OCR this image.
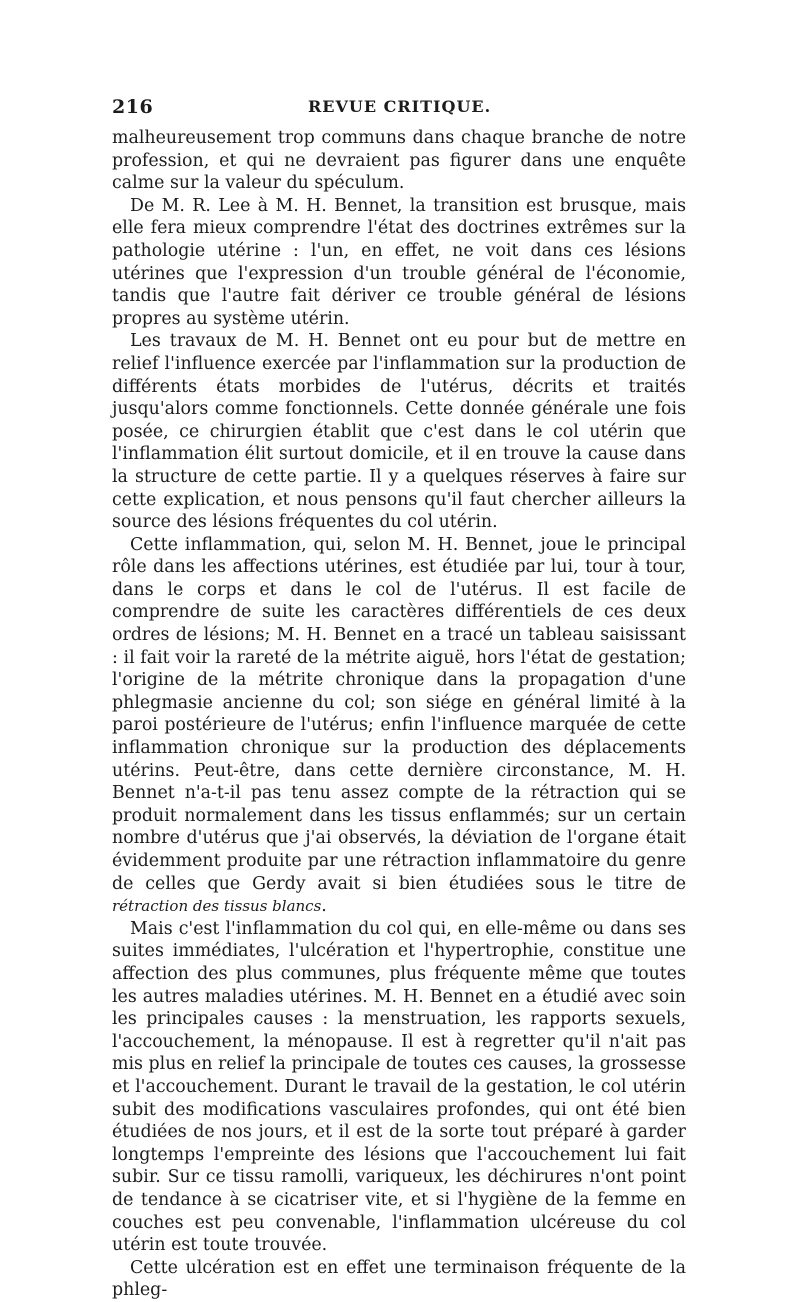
216	REVUE CRITIQUE.

malheureusement trop communs dans chaque branche de notre profession, et qui ne devraient pas figurer dans une enquête calme sur la valeur du spéculum.

De M. R. Lee à M. H. Bennet, la transition est brusque, mais elle fera mieux comprendre l'état des doctrines extrêmes sur la pathologie utérine : l'un, en effet, ne voit dans ces lésions utérines que l'expression d'un trouble général de l'économie, tandis que l'autre fait dériver ce trouble général de lésions propres au système utérin.

Les travaux de M. H. Bennet ont eu pour but de mettre en relief l'influence exercée par l'inflammation sur la production de différents états morbides de l'utérus, décrits et traités jusqu'alors comme fonctionnels. Cette donnée générale une fois posée, ce chirurgien établit que c'est dans le col utérin que l'inflammation élit surtout domicile, et il en trouve la cause dans la structure de cette partie. Il y a quelques réserves à faire sur cette explication, et nous pensons qu'il faut chercher ailleurs la source des lésions fréquentes du col utérin.

Cette inflammation, qui, selon M. H. Bennet, joue le principal rôle dans les affections utérines, est étudiée par lui, tour à tour, dans le corps et dans le col de l'utérus. Il est facile de comprendre de suite les caractères différentiels de ces deux ordres de lésions; M. H. Bennet en a tracé un tableau saisissant : il fait voir la rareté de la métrite aiguë, hors l'état de gestation; l'origine de la métrite chronique dans la propagation d'une phlegmasie ancienne du col; son siége en général limité à la paroi postérieure de l'utérus; enfin l'influence marquée de cette inflammation chronique sur la production des déplacements utérins. Peut-être, dans cette dernière circonstance, M. H. Bennet n'a-t-il pas tenu assez compte de la rétraction qui se produit normalement dans les tissus enflammés; sur un certain nombre d'utérus que j'ai observés, la déviation de l'organe était évidemment produite par une rétraction inflammatoire du genre de celles que Gerdy avait si bien étudiées sous le titre de rétraction des tissus blancs.

Mais c'est l'inflammation du col qui, en elle-même ou dans ses suites immédiates, l'ulcération et l'hypertrophie, constitue une affection des plus communes, plus fréquente même que toutes les autres maladies utérines. M. H. Bennet en a étudié avec soin les principales causes : la menstruation, les rapports sexuels, l'accouchement, la ménopause. Il est à regretter qu'il n'ait pas mis plus en relief la principale de toutes ces causes, la grossesse et l'accouchement. Durant le travail de la gestation, le col utérin subit des modifications vasculaires profondes, qui ont été bien étudiées de nos jours, et il est de la sorte tout préparé à garder longtemps l'empreinte des lésions que l'accouchement lui fait subir. Sur ce tissu ramolli, variqueux, les déchirures n'ont point de tendance à se cicatriser vite, et si l'hygiène de la femme en couches est peu convenable, l'inflammation ulcéreuse du col utérin est toute trouvée.

Cette ulcération est en effet une terminaison fréquente de la phleg-
